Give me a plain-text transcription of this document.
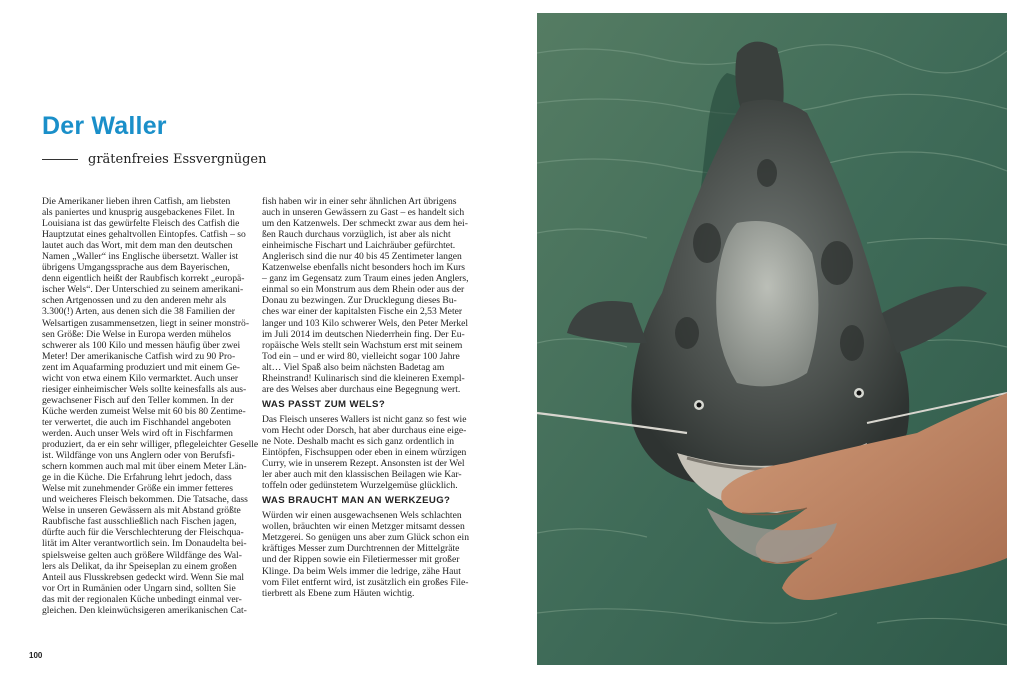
Der Waller
grätenfreies Essvergnügen
Die Amerikaner lieben ihren Catfish, am liebsten
als paniertes und knusprig ausgebackenes Filet. In
Louisiana ist das gewürfelte Fleisch des Catfish die
Hauptzutat eines gehaltvollen Eintopfes. Catfish – so
lautet auch das Wort, mit dem man den deutschen
Namen „Waller“ ins Englische übersetzt. Waller ist
übrigens Umgangssprache aus dem Bayerischen,
denn eigentlich heißt der Raubfisch korrekt „europä-
ischer Wels“. Der Unterschied zu seinem amerikani-
schen Artgenossen und zu den anderen mehr als
3.300(!) Arten, aus denen sich die 38 Familien der
Welsartigen zusammensetzen, liegt in seiner monströ-
sen Größe: Die Welse in Europa werden mühelos
schwerer als 100 Kilo und messen häufig über zwei
Meter! Der amerikanische Catfish wird zu 90 Pro-
zent im Aquafarming produziert und mit einem Ge-
wicht von etwa einem Kilo vermarktet. Auch unser
riesiger einheimischer Wels sollte keinesfalls als aus-
gewachsener Fisch auf den Teller kommen. In der
Küche werden zumeist Welse mit 60 bis 80 Zentime-
ter verwertet, die auch im Fischhandel angeboten
werden. Auch unser Wels wird oft in Fischfarmen
produziert, da er ein sehr williger, pflegeleichter Geselle
ist. Wildfänge von uns Anglern oder von Berufsfi-
schern kommen auch mal mit über einem Meter Län-
ge in die Küche. Die Erfahrung lehrt jedoch, dass
Welse mit zunehmender Größe ein immer fetteres
und weicheres Fleisch bekommen. Die Tatsache, dass
Welse in unseren Gewässern als mit Abstand größte
Raubfische fast ausschließlich nach Fischen jagen,
dürfte auch für die Verschlechterung der Fleischqua-
lität im Alter verantwortlich sein. Im Donaudelta bei-
spielsweise gelten auch größere Wildfänge des Wal-
lers als Delikat, da ihr Speiseplan zu einem großen
Anteil aus Flusskrebsen gedeckt wird. Wenn Sie mal
vor Ort in Rumänien oder Ungarn sind, sollten Sie
das mit der regionalen Küche unbedingt einmal ver-
gleichen. Den kleinwüchsigeren amerikanischen Cat-
fish haben wir in einer sehr ähnlichen Art übrigens
auch in unseren Gewässern zu Gast – es handelt sich
um den Katzenwels. Der schmeckt zwar aus dem hei-
ßen Rauch durchaus vorzüglich, ist aber als nicht
einheimische Fischart und Laichräuber gefürchtet.
Anglerisch sind die nur 40 bis 45 Zentimeter langen
Katzenwelse ebenfalls nicht besonders hoch im Kurs
– ganz im Gegensatz zum Traum eines jeden Anglers,
einmal so ein Monstrum aus dem Rhein oder aus der
Donau zu bezwingen. Zur Drucklegung dieses Bu-
ches war einer der kapitalsten Fische ein 2,53 Meter
langer und 103 Kilo schwerer Wels, den Peter Merkel
im Juli 2014 im deutschen Niederrhein fing. Der Eu-
ropäische Wels stellt sein Wachstum erst mit seinem
Tod ein – und er wird 80, vielleicht sogar 100 Jahre
alt… Viel Spaß also beim nächsten Badetag am
Rheinstrand! Kulinarisch sind die kleineren Exempl-
are des Welses aber durchaus eine Begegnung wert.
WAS PASST ZUM WELS?
Das Fleisch unseres Wallers ist nicht ganz so fest wie
vom Hecht oder Dorsch, hat aber durchaus eine eige-
ne Note. Deshalb macht es sich ganz ordentlich in
Eintöpfen, Fischsuppen oder eben in einem würzigen
Curry, wie in unserem Rezept. Ansonsten ist der Wel
ler aber auch mit den klassischen Beilagen wie Kar-
toffeln oder gedünstetem Wurzelgemüse glücklich.
WAS BRAUCHT MAN AN WERKZEUG?
Würden wir einen ausgewachsenen Wels schlachten
wollen, bräuchten wir einen Metzger mitsamt dessen
Metzgerei. So genügen uns aber zum Glück schon ein
kräftiges Messer zum Durchtrennen der Mittelgräte
und der Rippen sowie ein Filetiermesser mit großer
Klinge. Da beim Wels immer die ledrige, zähe Haut
vom Filet entfernt wird, ist zusätzlich ein großes File-
tierbrett als Ebene zum Häuten wichtig.
100
